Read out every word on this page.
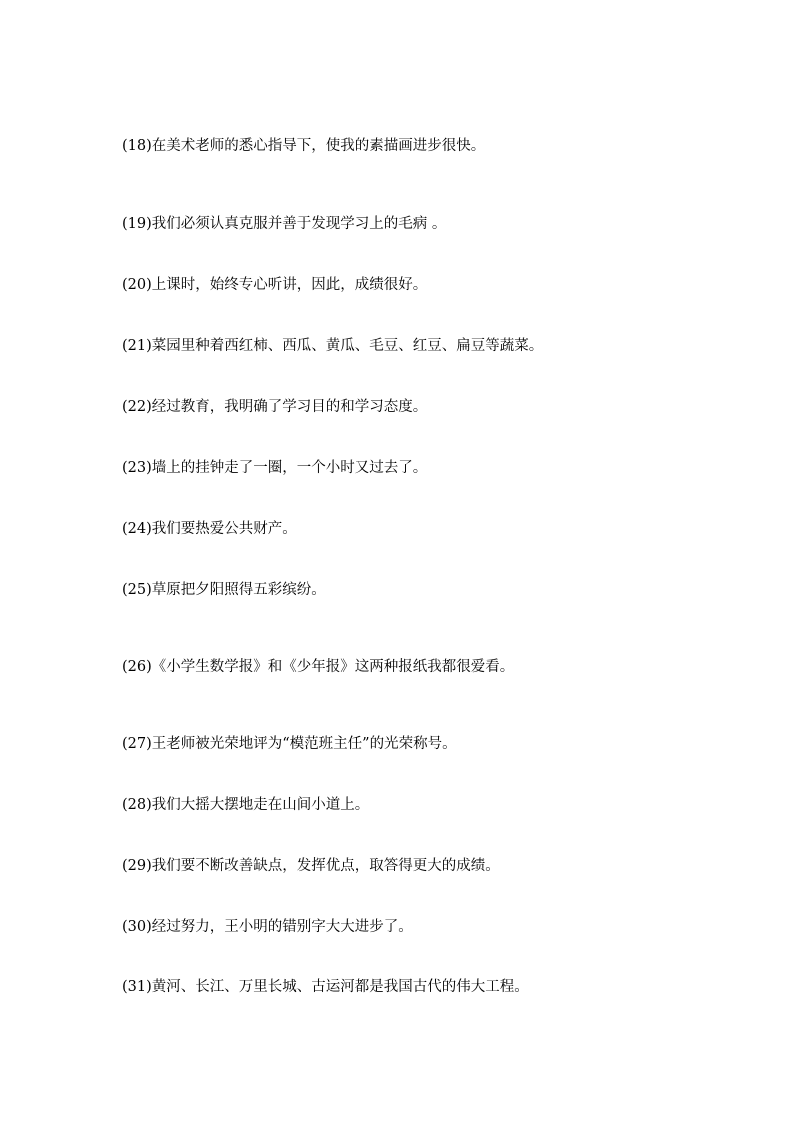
(18)在美术老师的悉心指导下，使我的素描画进步很快。
(19)我们必须认真克服并善于发现学习上的毛病 。
(20)上课时，始终专心听讲，因此，成绩很好。
(21)菜园里种着西红柿、西瓜、黄瓜、毛豆、红豆、扁豆等蔬菜。
(22)经过教育，我明确了学习目的和学习态度。
(23)墙上的挂钟走了一圈，一个小时又过去了。
(24)我们要热爱公共财产。
(25)草原把夕阳照得五彩缤纷。
(26)《小学生数学报》和《少年报》这两种报纸我都很爱看。
(27)王老师被光荣地评为“模范班主任”的光荣称号。
(28)我们大摇大摆地走在山间小道上。
(29)我们要不断改善缺点，发挥优点，取答得更大的成绩。
(30)经过努力，王小明的错别字大大进步了。
(31)黄河、长江、万里长城、古运河都是我国古代的伟大工程。
